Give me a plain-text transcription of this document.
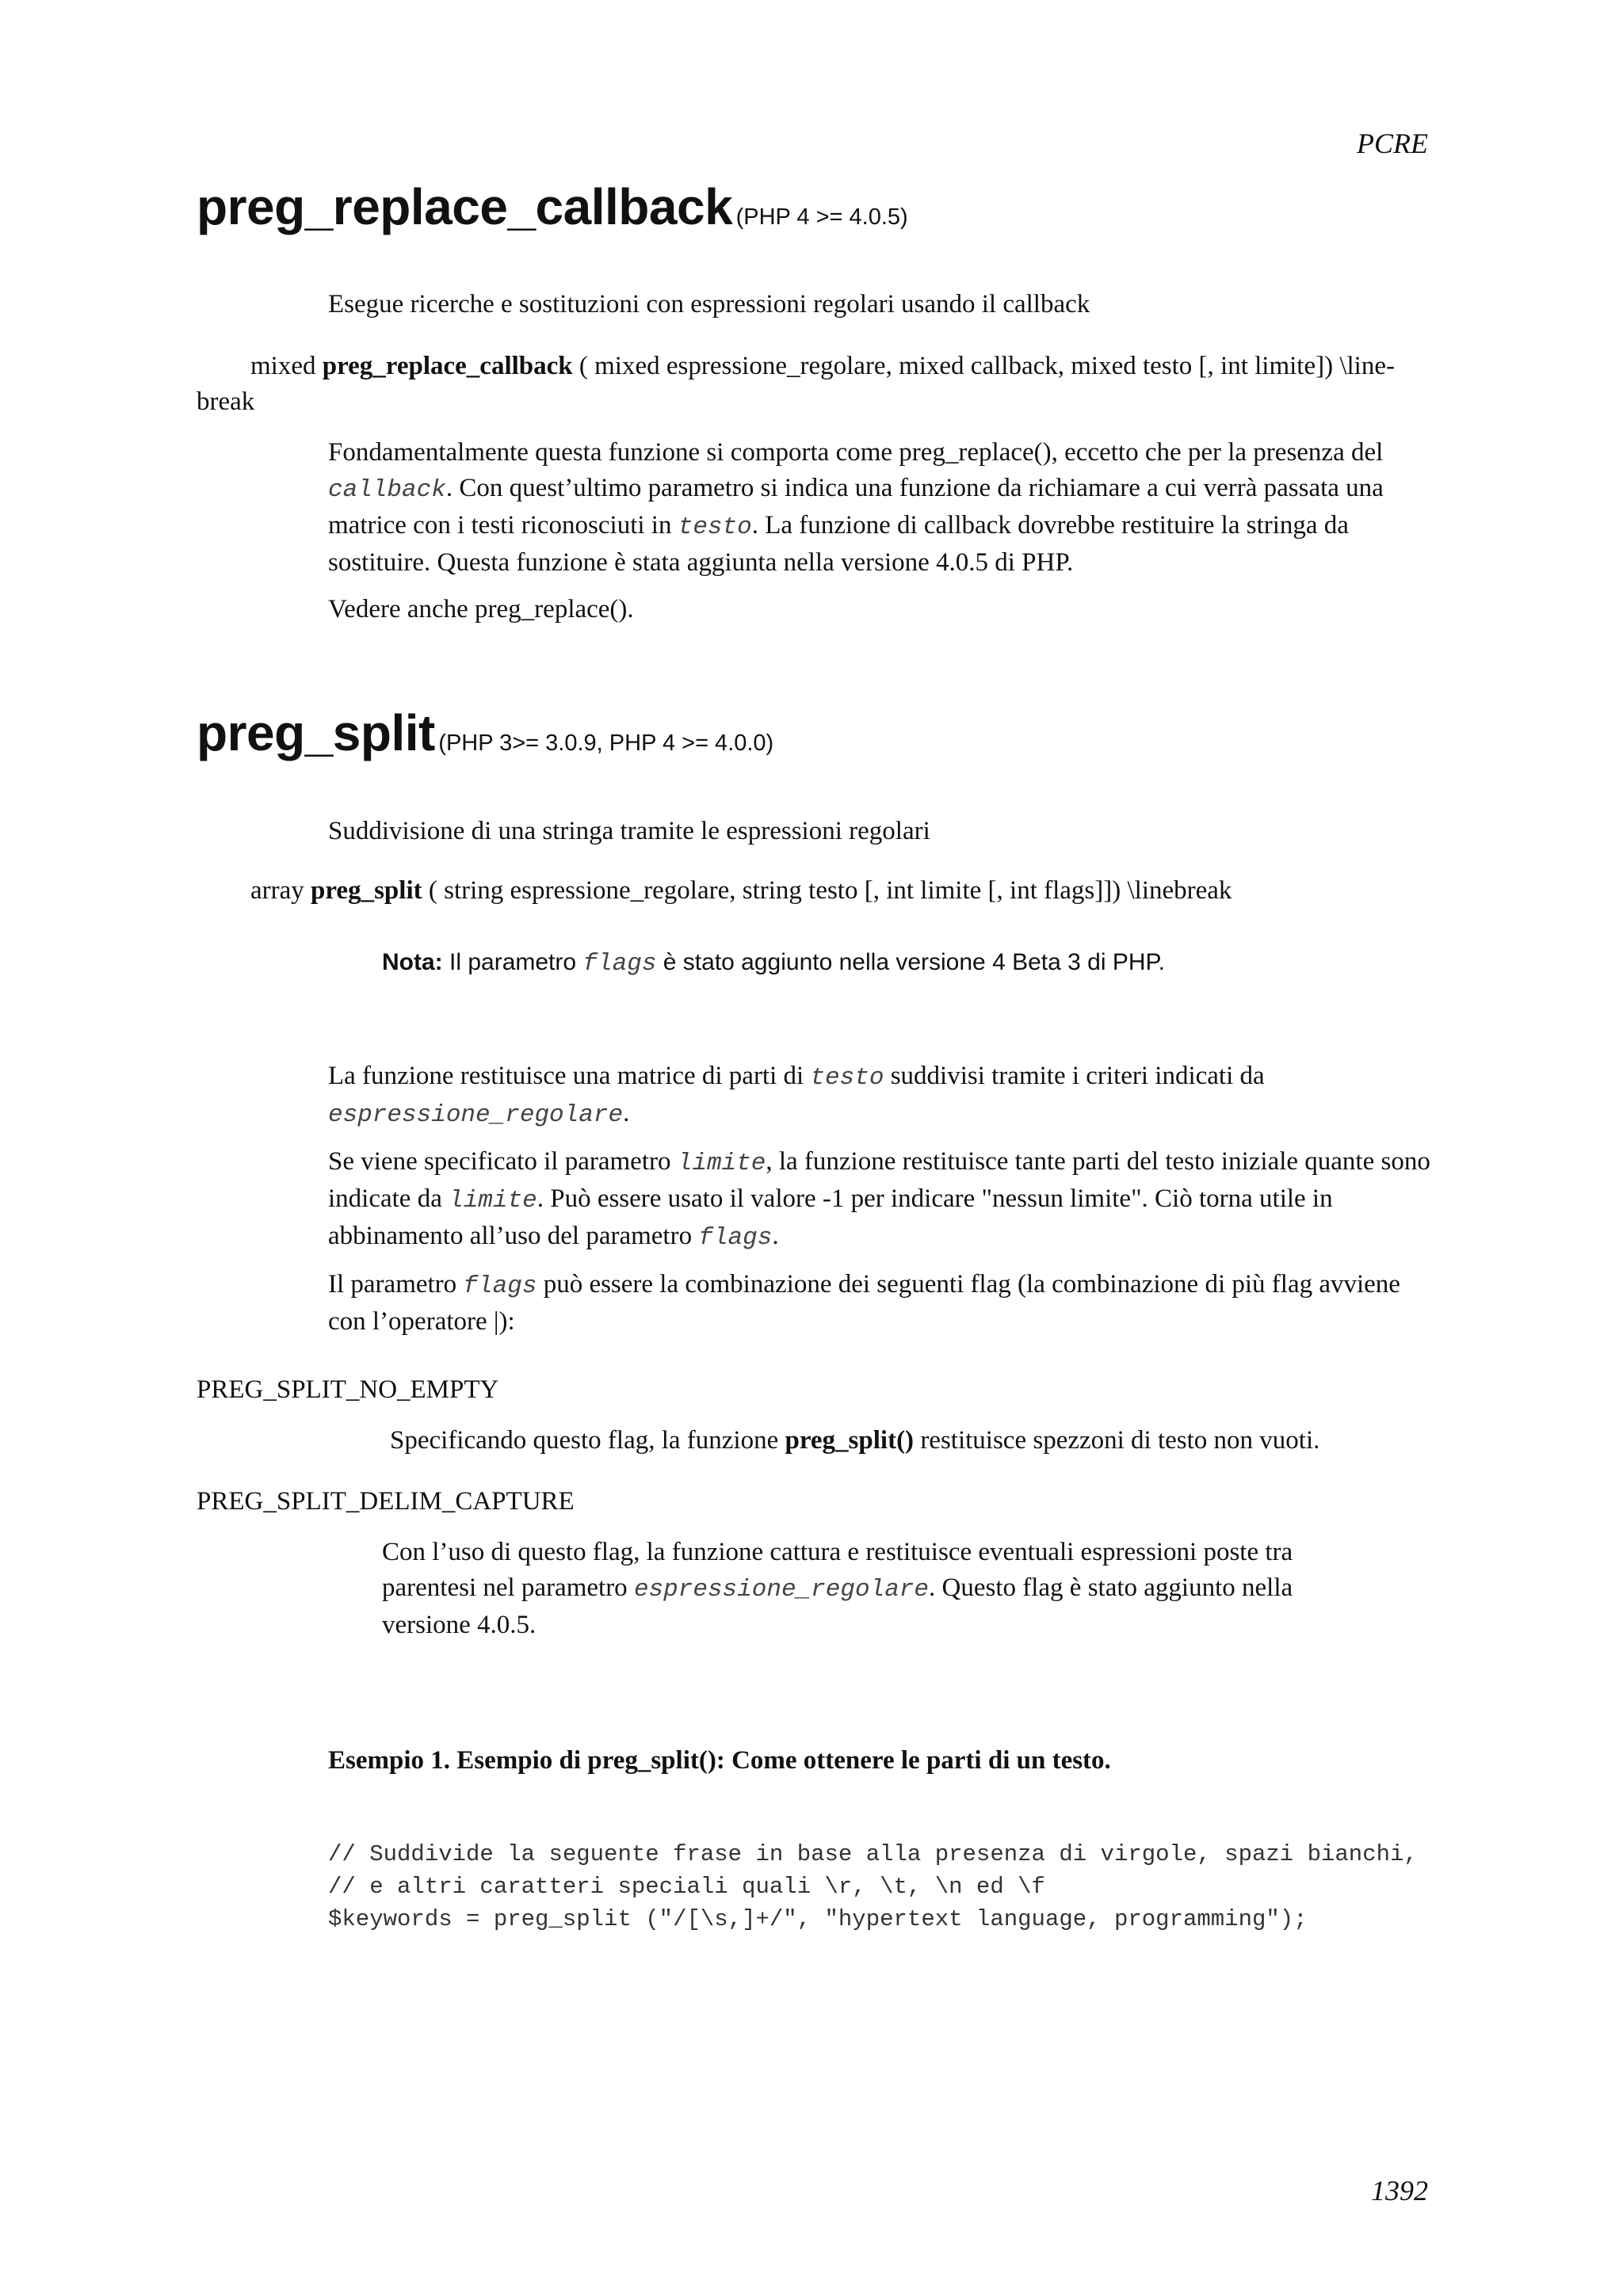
PCRE
preg_replace_callback (PHP 4 >= 4.0.5)
Esegue ricerche e sostituzioni con espressioni regolari usando il callback
mixed preg_replace_callback ( mixed espressione_regolare, mixed callback, mixed testo [, int limite]) \line-
break

Fondamentalmente questa funzione si comporta come preg_replace(), eccetto che per la presenza del
callback. Con quest’ultimo parametro si indica una funzione da richiamare a cui verrà passata una matrice con i testi riconosciuti in testo. La funzione di callback dovrebbe restituire la stringa da sostituire. Questa funzione è stata aggiunta nella versione 4.0.5 di PHP.

Vedere anche preg_replace().

preg_split (PHP 3>= 3.0.9, PHP 4 >= 4.0.0)
Suddivisione di una stringa tramite le espressioni regolari
array preg_split ( string espressione_regolare, string testo [, int limite [, int flags]]) \linebreak
Nota: Il parametro flags è stato aggiunto nella versione 4 Beta 3 di PHP.

La funzione restituisce una matrice di parti di testo suddivisi tramite i criteri indicati da
espressione_regolare.

Se viene specificato il parametro limite, la funzione restituisce tante parti del testo iniziale quante sono indicate da limite. Può essere usato il valore -1 per indicare "nessun limite". Ciò torna utile in abbinamento all’uso del parametro flags.

Il parametro flags può essere la combinazione dei seguenti flag (la combinazione di più flag avviene con l’operatore |):

PREG_SPLIT_NO_EMPTY
Specificando questo flag, la funzione preg_split() restituisce spezzoni di testo non vuoti.
PREG_SPLIT_DELIM_CAPTURE
Con l’uso di questo flag, la funzione cattura e restituisce eventuali espressioni poste tra parentesi nel parametro espressione_regolare. Questo flag è stato aggiunto nella versione 4.0.5.
Esempio 1. Esempio di preg_split(): Come ottenere le parti di un testo.
// Suddivide la seguente frase in base alla presenza di virgole, spazi bianchi,
// e altri caratteri speciali quali \r, \t, \n ed \f
$keywords = preg_split ("/[\s,]+/", "hypertext language, programming");
1392
